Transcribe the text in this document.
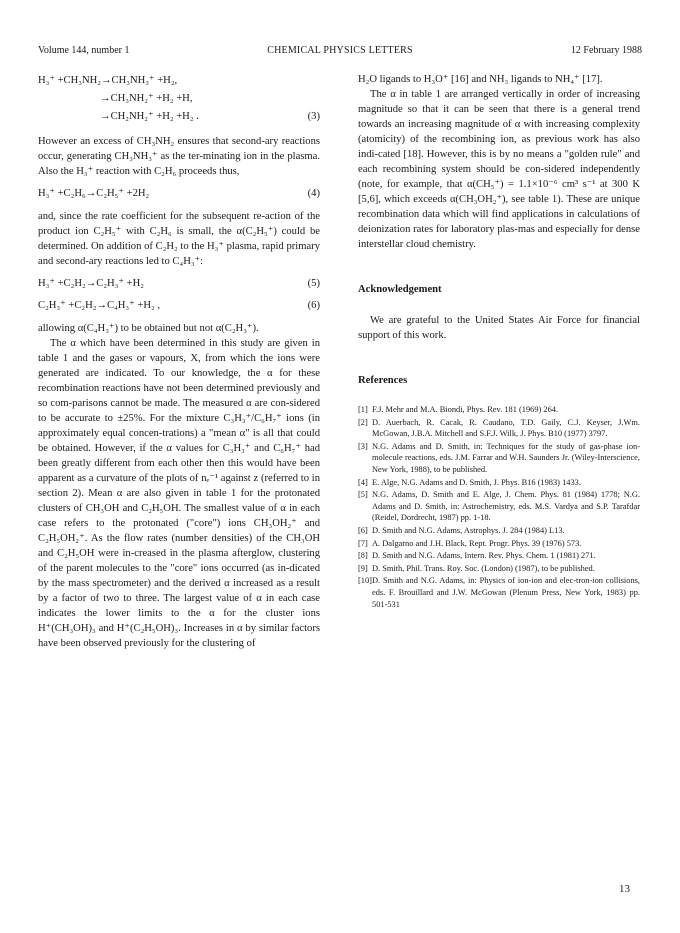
Volume 144, number 1	CHEMICAL PHYSICS LETTERS	12 February 1988
H₃⁺ +CH₃NH₂→CH₃NH₃⁺ +H₂,
→CH₃NH₂⁺ +H₂ +H,
→CH₂NH₂⁺ +H₂ +H₂ .	(3)

However an excess of CH₃NH₂ ensures that second-ary reactions occur, generating CH₃NH₃⁺ as the ter-minating ion in the plasma. Also the H₃⁺ reaction with C₂H₆ proceeds thus,

H₃⁺ +C₂H₆→C₂H₅⁺ +2H₂	(4)

and, since the rate coefficient for the subsequent re-action of the product ion C₂H₅⁺ with C₂H₆ is small, the α(C₂H₅⁺) could be determined. On addition of C₂H₂ to the H₃⁺ plasma, rapid primary and second-ary reactions led to C₄H₃⁺:

H₃⁺ +C₂H₂→C₂H₃⁺ +H₂	(5)
C₂H₃⁺ +C₂H₂→C₄H₃⁺ +H₂ ,	(6)

allowing α(C₄H₃⁺) to be obtained but not α(C₂H₃⁺).

The α which have been determined in this study are given in table 1 and the gases or vapours, X, from which the ions were generated are indicated. To our knowledge, the α for these recombination reactions have not been determined previously and so com-parisons cannot be made. The measured α are con-sidered to be accurate to ±25%. For the mixture C₃H₃⁺/C₆H₇⁺ ions (in approximately equal concen-trations) a "mean α" is all that could be obtained. However, if the α values for C₃H₃⁺ and C₆H₇⁺ had been greatly different from each other then this would have been apparent as a curvature of the plots of nₑ⁻¹ against z (referred to in section 2). Mean α are also given in table 1 for the protonated clusters of CH₃OH and C₂H₅OH. The smallest value of α in each case refers to the protonated ("core") ions CH₃OH₂⁺ and C₂H₅OH₂⁺. As the flow rates (number densities) of the CH₃OH and C₂H₅OH were in-creased in the plasma afterglow, clustering of the parent molecules to the "core" ions occurred (as in-dicated by the mass spectrometer) and the derived α increased as a result by a factor of two to three. The largest value of α in each case indicates the lower limits to the α for the cluster ions H⁺(CH₃OH)₃ and H⁺(C₂H₅OH)₃. Increases in α by similar factors have been observed previously for the clustering of

H₂O ligands to H₃O⁺ [16] and NH₃ ligands to NH₄⁺ [17].

The α in table 1 are arranged vertically in order of increasing magnitude so that it can be seen that there is a general trend towards an increasing magnitude of α with increasing complexity (atomicity) of the recombining ion, as previous work has also indi-cated [18]. However, this is by no means a "golden rule" and each recombining system should be con-sidered independently (note, for example, that α(CH₅⁺) = 1.1×10⁻⁶ cm³ s⁻¹ at 300 K [5,6], which exceeds α(CH₃OH₂⁺), see table 1). These are unique recombination data which will find applications in calculations of deionization rates for laboratory plas-mas and especially for dense interstellar cloud chemistry.

Acknowledgement

We are grateful to the United States Air Force for financial support of this work.

References

[1] F.J. Mehr and M.A. Biondi, Phys. Rev. 181 (1969) 264.
[2] D. Auerbach, R. Cacak, R. Caudano, T.D. Gaily, C.J. Keyser, J.Wm. McGowan, J.B.A. Mitchell and S.F.J. Wilk, J. Phys. B10 (1977) 3797.
[3] N.G. Adams and D. Smith, in: Techniques for the study of gas-phase ion-molecule reactions, eds. J.M. Farrar and W.H. Saunders Jr. (Wiley-Interscience, New York, 1988), to be published.
[4] E. Alge, N.G. Adams and D. Smith, J. Phys. B16 (1983) 1433.
[5] N.G. Adams, D. Smith and E. Alge, J. Chem. Phys. 81 (1984) 1778; N.G. Adams and D. Smith, in: Astrochemistry, eds. M.S. Vardya and S.P. Tarafdar (Reidel, Dordrecht, 1987) pp. 1-18.
[6] D. Smith and N.G. Adams, Astrophys. J. 284 (1984) L13.
[7] A. Dalgarno and J.H. Black, Rept. Progr. Phys. 39 (1976) 573.
[8] D. Smith and N.G. Adams, Intern. Rev. Phys. Chem. 1 (1981) 271.
[9] D. Smith, Phil. Trans. Roy. Soc. (London) (1987), to be published.
[10] D. Smith and N.G. Adams, in: Physics of ion-ion and elec-tron-ion collisions, eds. F. Brouillard and J.W. McGowan (Plenum Press, New York, 1983) pp. 501-531
13
